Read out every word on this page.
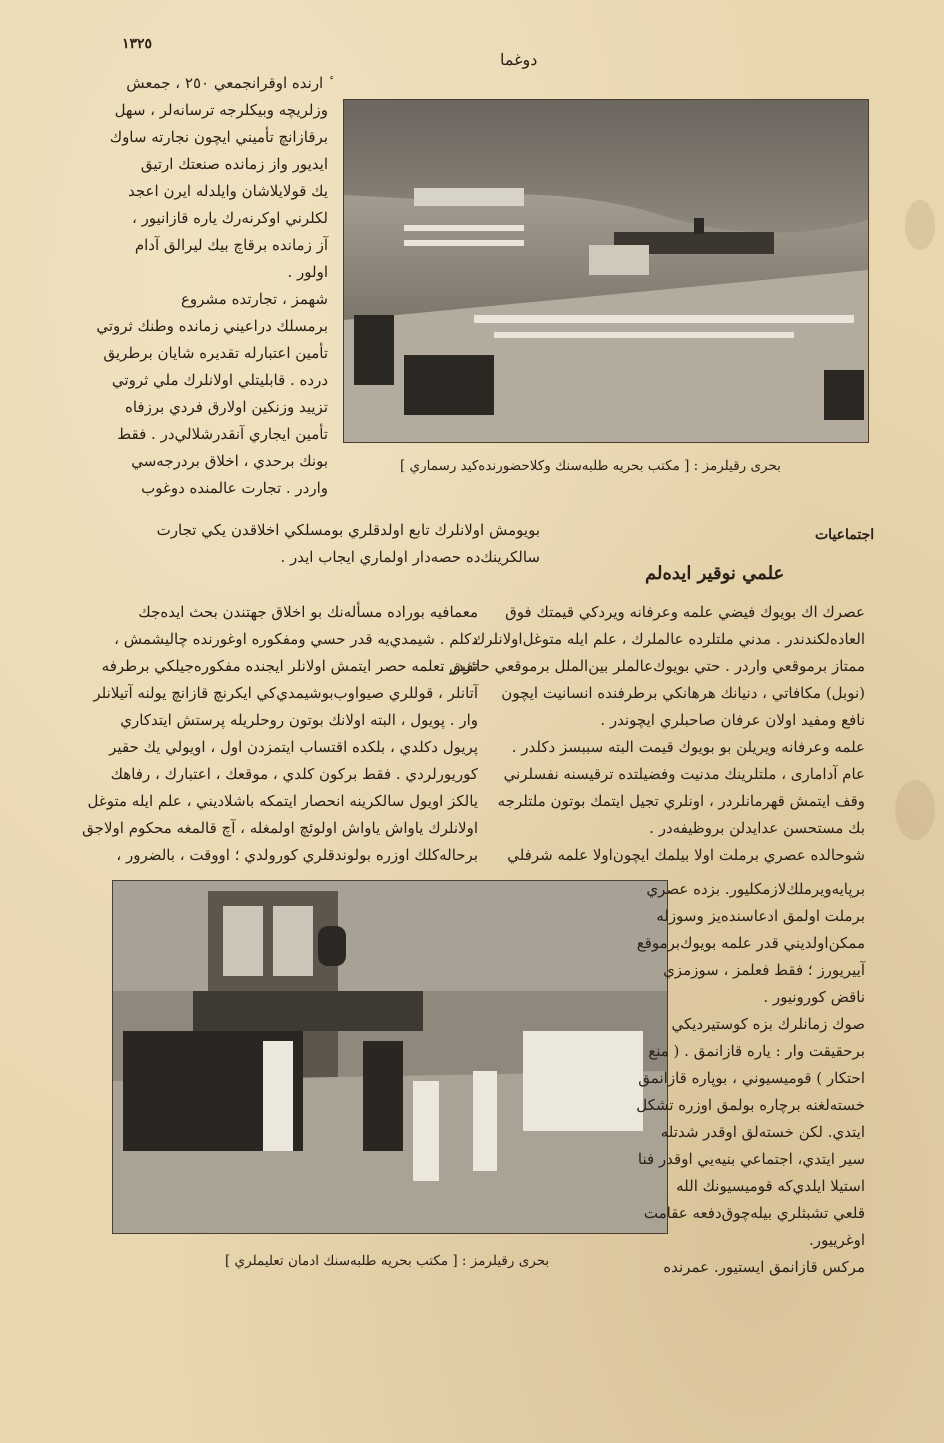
١٣٢٥
دوغما
بحرى رقيلرمز : [ مكتب بحريه طلبه‌سنك وكلاحضورنده‌كيد رسماري ]
ٔ ارنده اوقرانجمعي ٢٥٠ ، جمعش
وزلريچه وبيكلرجه ترسانه‌لر ، سهل
برقازانچ تأميني ايچون نجارته ساوك
ايديور واز زمانده صنعتك ارتيق
يك قولايلاشان وايلدله ايرن اعجد
لكلرني اوكرنه‌رك ياره قازانيور ،
آز زمانده برقاچ بيك ليرالق آدام
اولور .
شهمز ، تجارتده مشروع
برمسلك دراعيني زمانده وطنك ثروتي
تأمين اعتبارله تقديره شايان برطريق
درده . قابليتلي اولانلرك ملي ثروتي
تزييد وزنكين اولارق فردي برزفاه
تأمين ايجاري آنقدرشلالي‌در . فقط
بونك برحدي ، اخلاق بردرجه‌سي
واردر . تجارت عالمنده دوغوب
بويومش اولانلرك تابع اولدقلري بومسلكي اخلاقدن يكي تجارت
سالكرينك‌ده حصه‌دار اولماري ايجاب ايدر .
اجتماعيات
علمي نوقير ايده‌لم
معمافيه بوراده مسأله‌نك بو اخلاق جهتندن بحث ايده‌جك
دكلم . شيمدي‌يه قدر حسي ومفكوره اوغورنده چاليشمش ،
تفيق تعلمه حصر ايتمش اولانلر ايجنده مفكوره‌جيلكي برطرفه
آتانلر ، قوللري صيواوب‌بوشيمدي‌كي ايكرنچ قازانچ يولنه آتيلانلر
وار . پويول ، البته اولانك بوتون روحلريله پرستش ايتدكاري
پريول دكلدي ، بلكده اقتساب ايتمزدن اول ، اويولي يك حقير
كوريورلردي . فقط بركون كلدي ، موقعك ، اعتبارك ، رفاهك
يالكز اويول سالكرينه انحصار ايتمكه باشلاديني ، علم ايله متوغل
اولانلرك ياواش ياواش اولوئچ اولمغله ، آچ قالمغه محكوم اولاجق
برحاله‌كلك اوزره بولوندقلري كورولدي ؛ اووقت ، بالضرور ،
عصرك اك بويوك فيضي علمه وعرفانه ويردكي قيمتك فوق
العاده‌لكندندر . مدني ملتلرده عالملرك ، علم ايله متوغل‌اولانلرك
ممتاز برموقعي واردر . حتي بويوك‌عالملر بين‌الملل برموقعي حائزدر .
(نوبل) مكافاتي ، دنيانك هرهانكي برطرفنده انسانيت ايچون
نافع ومفيد اولان عرفان صاحبلري ايچوندر .
علمه وعرفانه ويريلن بو بويوك قيمت البته سببسز دكلدر .
عام آدامارى ، ملتلرينك مدنيت وفضيلتده ترقيسنه نفسلرني
وقف ايتمش قهرمانلردر ، اونلري تجيل ايتمك بوتون ملتلرجه
بك مستحسن عدايدلن بروظيفه‌در .
شوحالده عصري برملت اولا بيلمك ايچون‌اولا علمه شرفلي
بحرى رقيلرمز : [ مكتب بحريه طلبه‌سنك ادمان تعليملري ]
برپايه‌ويرملك‌لازمكليور. بزده عصري
برملت اولمق ادعاسنده‌يز وسوزله
ممكن‌اولديني قدر علمه بويوك‌برموقع
آييريورز ؛ فقط فعلمز ، سوزمزي
ناقض كورونيور .
صوك زمانلرك بزه كوستيرديكي
برحقيقت وار : ياره قازانمق . ( منع
احتكار ) قوميسيوني ، بوپاره قازانمق
خسته‌لغنه برچاره بولمق اوزره تشكل
ايتدي. لكن خسته‌لق اوقدر شدتله
سير ايتدي، اجتماعي بنيه‌يي اوقدر فنا
استيلا ايلدي‌كه قوميسيونك الله
قلعي تشبثلري بيله‌چوق‌دفعه عقامت
اوغرييور.
مركس قازانمق ايستيور. عمرنده
